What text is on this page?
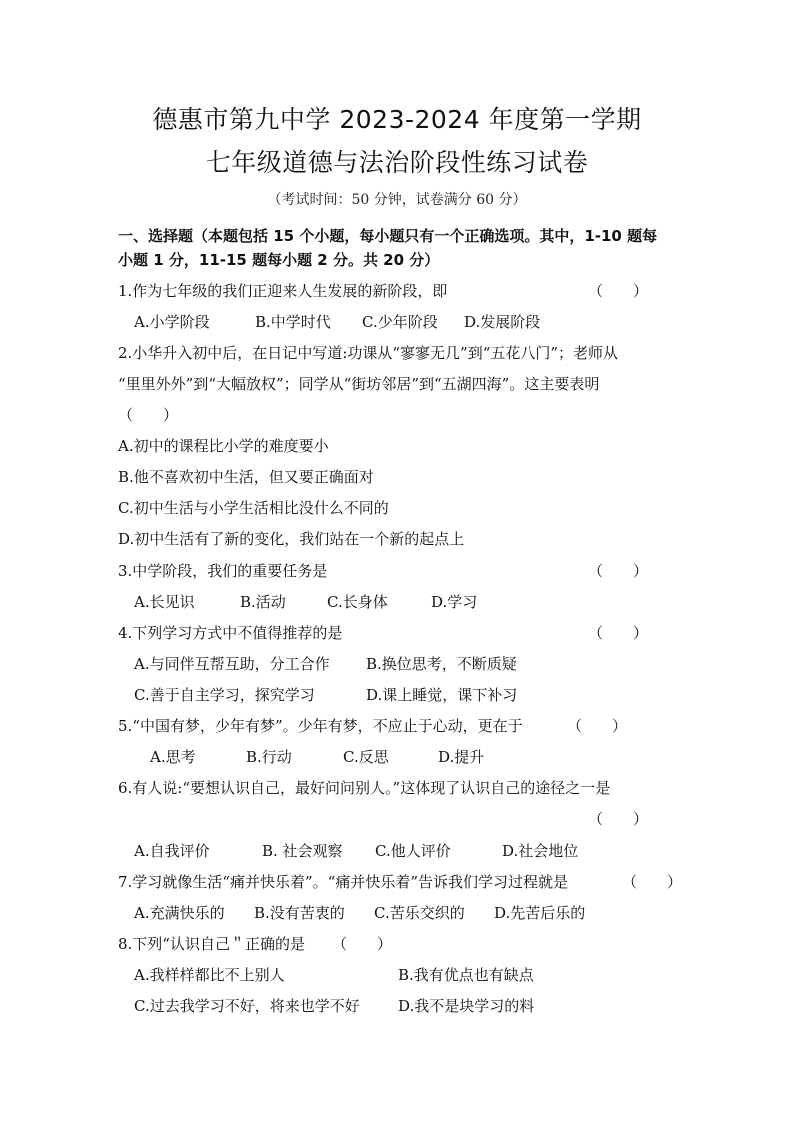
德惠市第九中学 2023-2024 年度第一学期
七年级道德与法治阶段性练习试卷
（考试时间：50 分钟，试卷满分 60 分）
一、选择题（本题包括 15 个小题，每小题只有一个正确选项。其中，1-10 题每
小题 1 分，11-15 题每小题 2 分。共 20 分）
1.作为七年级的我们正迎来人生发展的新阶段，即	（　　）
A.小学阶段	B.中学时代 C.少年阶段 D.发展阶段
2.小华升入初中后，在日记中写道:功课从“寥寥无几”到“五花八门”；老师从
“里里外外”到“大幅放权”；同学从“街坊邻居”到“五湖四海”。这主要表明
（　　）
A.初中的课程比小学的难度要小
B.他不喜欢初中生活，但又要正确面对
C.初中生活与小学生活相比没什么不同的
D.初中生活有了新的变化，我们站在一个新的起点上
3.中学阶段，我们的重要任务是	（　　）
A.长见识	B.活动	C.长身体	D.学习
4.下列学习方式中不值得推荐的是	（　　）
A.与同伴互帮互助，分工合作 B.换位思考，不断质疑
C.善于自主学习，探究学习	D.课上睡觉，课下补习
5.“中国有梦，少年有梦”。少年有梦，不应止于心动，更在于	（　　）
A.思考	B.行动	C.反思	D.提升
6.有人说:“要想认识自己，最好问问别人。”这体现了认识自己的途径之一是
（　　）
A.自我评价	B. 社会观察 C.他人评价	D.社会地位
7.学习就像生活“痛并快乐着”。“痛并快乐着”告诉我们学习过程就是	（　　）
A.充满快乐的 B.没有苦衷的 C.苦乐交织的 D.先苦后乐的
8.下列“认识自己＂正确的是 （　　）
A.我样样都比不上别人	B.我有优点也有缺点
C.过去我学习不好，将来也学不好	D.我不是块学习的料
